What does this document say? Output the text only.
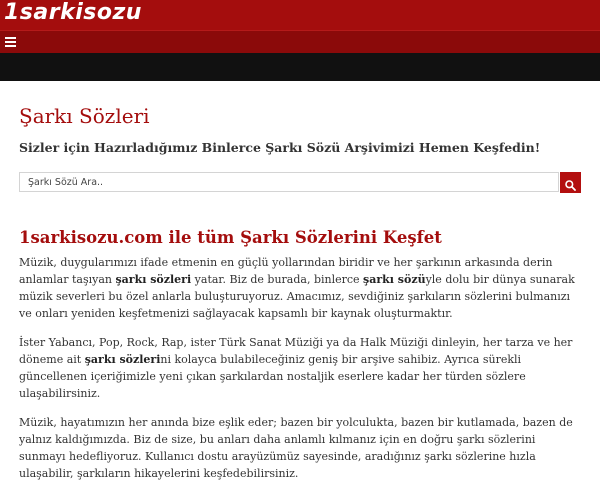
1sarkisozu
Şarkı Sözleri
Sizler için Hazırladığımız Binlerce Şarkı Sözü Arşivimizi Hemen Keşfedin!
Şarkı Sözü Ara..
1sarkisozu.com ile tüm Şarkı Sözlerini Keşfet

Müzik, duygularımızı ifade etmenin en güçlü yollarından biridir ve her şarkının arkasında derin anlamlar taşıyan şarkı sözleri yatar. Biz de burada, binlerce şarkı sözüyle dolu bir dünya sunarak müzik severleri bu özel anlarla buluşturuyoruz. Amacımız, sevdiğiniz şarkıların sözlerini bulmanızı ve onları yeniden keşfetmenizi sağlayacak kapsamlı bir kaynak oluşturmaktır.

İster Yabancı, Pop, Rock, Rap, ister Türk Sanat Müziği ya da Halk Müziği dinleyin, her tarza ve her döneme ait şarkı sözlerini kolayca bulabileceğiniz geniş bir arşive sahibiz. Ayrıca sürekli güncellenen içeriğimizle yeni çıkan şarkılardan nostaljik eserlere kadar her türden sözlere ulaşabilirsiniz.

Müzik, hayatımızın her anında bize eşlik eder; bazen bir yolculukta, bazen bir kutlamada, bazen de yalnız kaldığımızda. Biz de size, bu anları daha anlamlı kılmanız için en doğru şarkı sözlerini sunmayı hedefliyoruz. Kullanıcı dostu arayüzümüz sayesinde, aradığınız şarkı sözlerine hızla ulaşabilir, şarkıların hikayelerini keşfedebilirsiniz.
